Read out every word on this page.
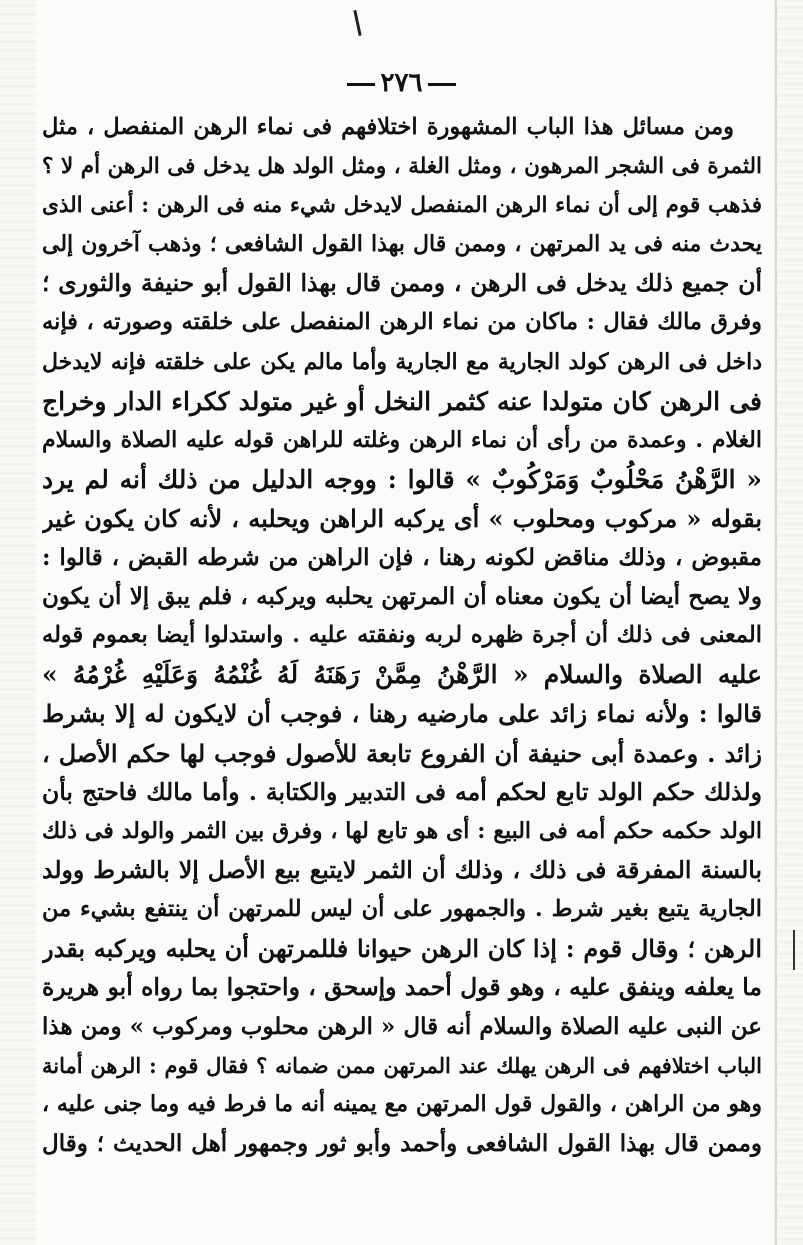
٢٧٦
ومن مسائل هذا الباب المشهورة اختلافهم فى نماء الرهن المنفصل ، مثل
الثمرة فى الشجر المرهون ، ومثل الغلة ، ومثل الولد هل يدخل فى الرهن أم لا ؟
فذهب قوم إلى أن نماء الرهن المنفصل لايدخل شيء منه فى الرهن : أعنى الذى
يحدث منه فى يد المرتهن ، وممن قال بهذا القول الشافعى ؛ وذهب آخرون إلى
أن جميع ذلك يدخل فى الرهن ، وممن قال بهذا القول أبو حنيفة والثورى ؛
وفرق مالك فقال : ماكان من نماء الرهن المنفصل على خلقته وصورته ، فإنه
داخل فى الرهن كولد الجارية مع الجارية وأما مالم يكن على خلقته فإنه لايدخل
فى الرهن كان متولدا عنه كثمر النخل أو غير متولد ككراء الدار وخراج
الغلام . وعمدة من رأى أن نماء الرهن وغلته للراهن قوله عليه الصلاة والسلام
« الرَّهْنُ مَحْلُوبٌ وَمَرْكُوبٌ » قالوا : ووجه الدليل من ذلك أنه لم يرد
بقوله « مركوب ومحلوب » أى يركبه الراهن ويحلبه ، لأنه كان يكون غير
مقبوض ، وذلك مناقض لكونه رهنا ، فإن الراهن من شرطه القبض ، قالوا :
ولا يصح أيضا أن يكون معناه أن المرتهن يحلبه ويركبه ، فلم يبق إلا أن يكون
المعنى فى ذلك أن أجرة ظهره لربه ونفقته عليه . واستدلوا أيضا بعموم قوله
عليه الصلاة والسلام « الرَّهْنُ مِمَّنْ رَهَنَهُ لَهُ غُنْمُهُ وَعَلَيْهِ غُرْمُهُ »
قالوا : ولأنه نماء زائد على مارضيه رهنا ، فوجب أن لايكون له إلا بشرط
زائد . وعمدة أبى حنيفة أن الفروع تابعة للأصول فوجب لها حكم الأصل ،
ولذلك حكم الولد تابع لحكم أمه فى التدبير والكتابة . وأما مالك فاحتج بأن
الولد حكمه حكم أمه فى البيع : أى هو تابع لها ، وفرق بين الثمر والولد فى ذلك
بالسنة المفرقة فى ذلك ، وذلك أن الثمر لايتبع بيع الأصل إلا بالشرط وولد
الجارية يتبع بغير شرط . والجمهور على أن ليس للمرتهن أن ينتفع بشيء من
الرهن ؛ وقال قوم : إذا كان الرهن حيوانا فللمرتهن أن يحلبه ويركبه بقدر
ما يعلفه وينفق عليه ، وهو قول أحمد وإسحق ، واحتجوا بما رواه أبو هريرة
عن النبى عليه الصلاة والسلام أنه قال « الرهن محلوب ومركوب » ومن هذا
الباب اختلافهم فى الرهن يهلك عند المرتهن ممن ضمانه ؟ فقال قوم : الرهن أمانة
وهو من الراهن ، والقول قول المرتهن مع يمينه أنه ما فرط فيه وما جنى عليه ،
وممن قال بهذا القول الشافعى وأحمد وأبو ثور وجمهور أهل الحديث ؛ وقال
